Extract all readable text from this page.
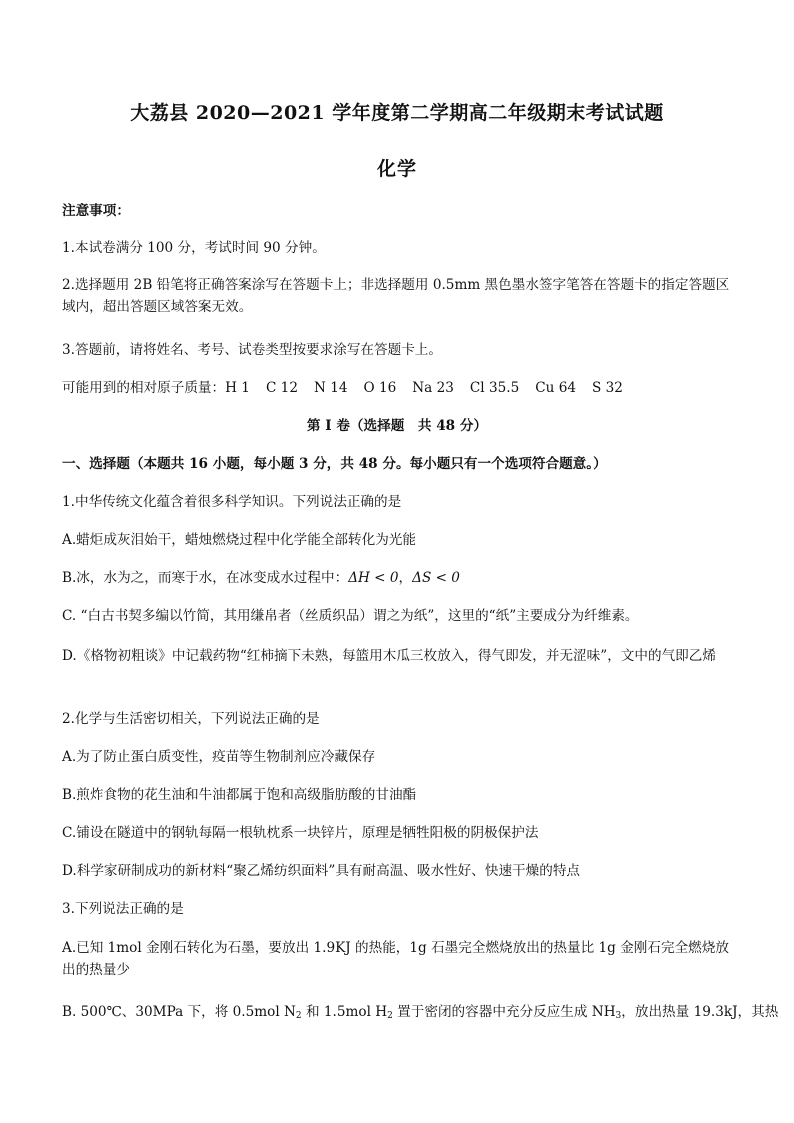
大荔县 2020—2021 学年度第二学期高二年级期末考试试题
化学
注意事项：
1.本试卷满分 100 分，考试时间 90 分钟。
2.选择题用 2B 铅笔将正确答案涂写在答题卡上；非选择题用 0.5mm 黑色墨水签字笔答在答题卡的指定答题区域内，超出答题区域答案无效。
3.答题前，请将姓名、考号、试卷类型按要求涂写在答题卡上。
可能用到的相对原子质量：H 1 C 12 N 14 O 16 Na 23 Cl 35.5 Cu 64 S 32
第 I 卷（选择题　共 48 分）
一、选择题（本题共 16 小题，每小题 3 分，共 48 分。每小题只有一个选项符合题意。）
1.中华传统文化蕴含着很多科学知识。下列说法正确的是
A.蜡炬成灰泪始干，蜡烛燃烧过程中化学能全部转化为光能
B.冰，水为之，而寒于水，在冰变成水过程中：ΔH < 0，ΔS < 0
C. “白古书契多编以竹简，其用缣帛者（丝质织品）谓之为纸”，这里的“纸”主要成分为纤维素。
D.《格物初粗谈》中记载药物“红柿摘下未熟，每篮用木瓜三枚放入，得气即发，并无涩味”，文中的气即乙烯
2.化学与生活密切相关，下列说法正确的是
A.为了防止蛋白质变性，疫苗等生物制剂应冷藏保存
B.煎炸食物的花生油和牛油都属于饱和高级脂肪酸的甘油酯
C.铺设在隧道中的钢轨每隔一根轨枕系一块锌片，原理是牺牲阳极的阴极保护法
D.科学家研制成功的新材料“聚乙烯纺织面料”具有耐高温、吸水性好、快速干燥的特点
3.下列说法正确的是
A.已知 1mol 金刚石转化为石墨，要放出 1.9KJ 的热能，1g 石墨完全燃烧放出的热量比 1g 金刚石完全燃烧放出的热量少
B. 500℃、30MPa 下，将 0.5mol $N_2$ 和 1.5mol $H_2$ 置于密闭的容器中充分反应生成 $NH_3$，放出热量 19.3kJ，其热
